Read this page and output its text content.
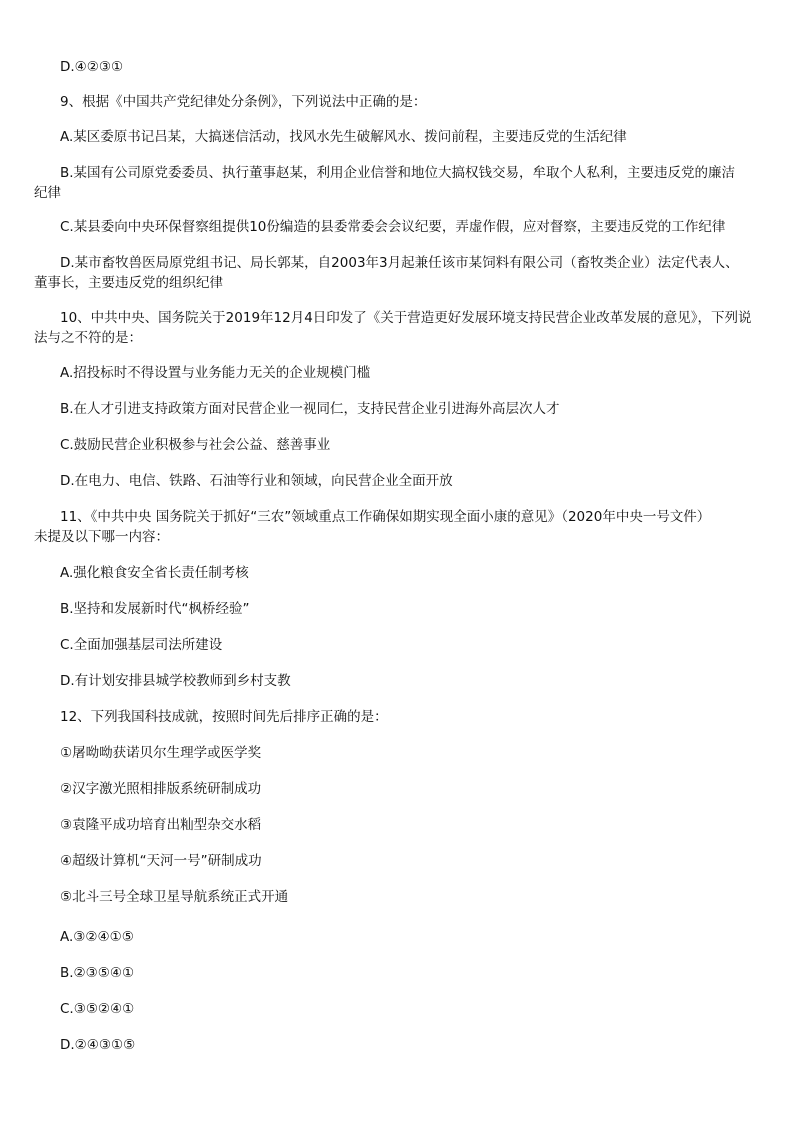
D.④②③①
9、根据《中国共产党纪律处分条例》，下列说法中正确的是：
A.某区委原书记吕某，大搞迷信活动，找风水先生破解风水、拨问前程，主要违反党的生活纪律
B.某国有公司原党委委员、执行董事赵某，利用企业信誉和地位大搞权钱交易，牟取个人私利，主要违反党的廉洁
纪律
C.某县委向中央环保督察组提供10份编造的县委常委会会议纪要，弄虚作假，应对督察，主要违反党的工作纪律
D.某市畜牧兽医局原党组书记、局长郭某，自2003年3月起兼任该市某饲料有限公司（畜牧类企业）法定代表人、
董事长，主要违反党的组织纪律
10、中共中央、国务院关于2019年12月4日印发了《关于营造更好发展环境支持民营企业改革发展的意见》，下列说
法与之不符的是：
A.招投标时不得设置与业务能力无关的企业规模门槛
B.在人才引进支持政策方面对民营企业一视同仁，支持民营企业引进海外高层次人才
C.鼓励民营企业积极参与社会公益、慈善事业
D.在电力、电信、铁路、石油等行业和领域，向民营企业全面开放
11、《中共中央 国务院关于抓好“三农”领域重点工作确保如期实现全面小康的意见》（2020年中央一号文件）
未提及以下哪一内容：
A.强化粮食安全省长责任制考核
B.坚持和发展新时代“枫桥经验”
C.全面加强基层司法所建设
D.有计划安排县城学校教师到乡村支教
12、下列我国科技成就，按照时间先后排序正确的是：
①屠呦呦获诺贝尔生理学或医学奖
②汉字激光照相排版系统研制成功
③袁隆平成功培育出籼型杂交水稻
④超级计算机“天河一号”研制成功
⑤北斗三号全球卫星导航系统正式开通
A.③②④①⑤
B.②③⑤④①
C.③⑤②④①
D.②④③①⑤
